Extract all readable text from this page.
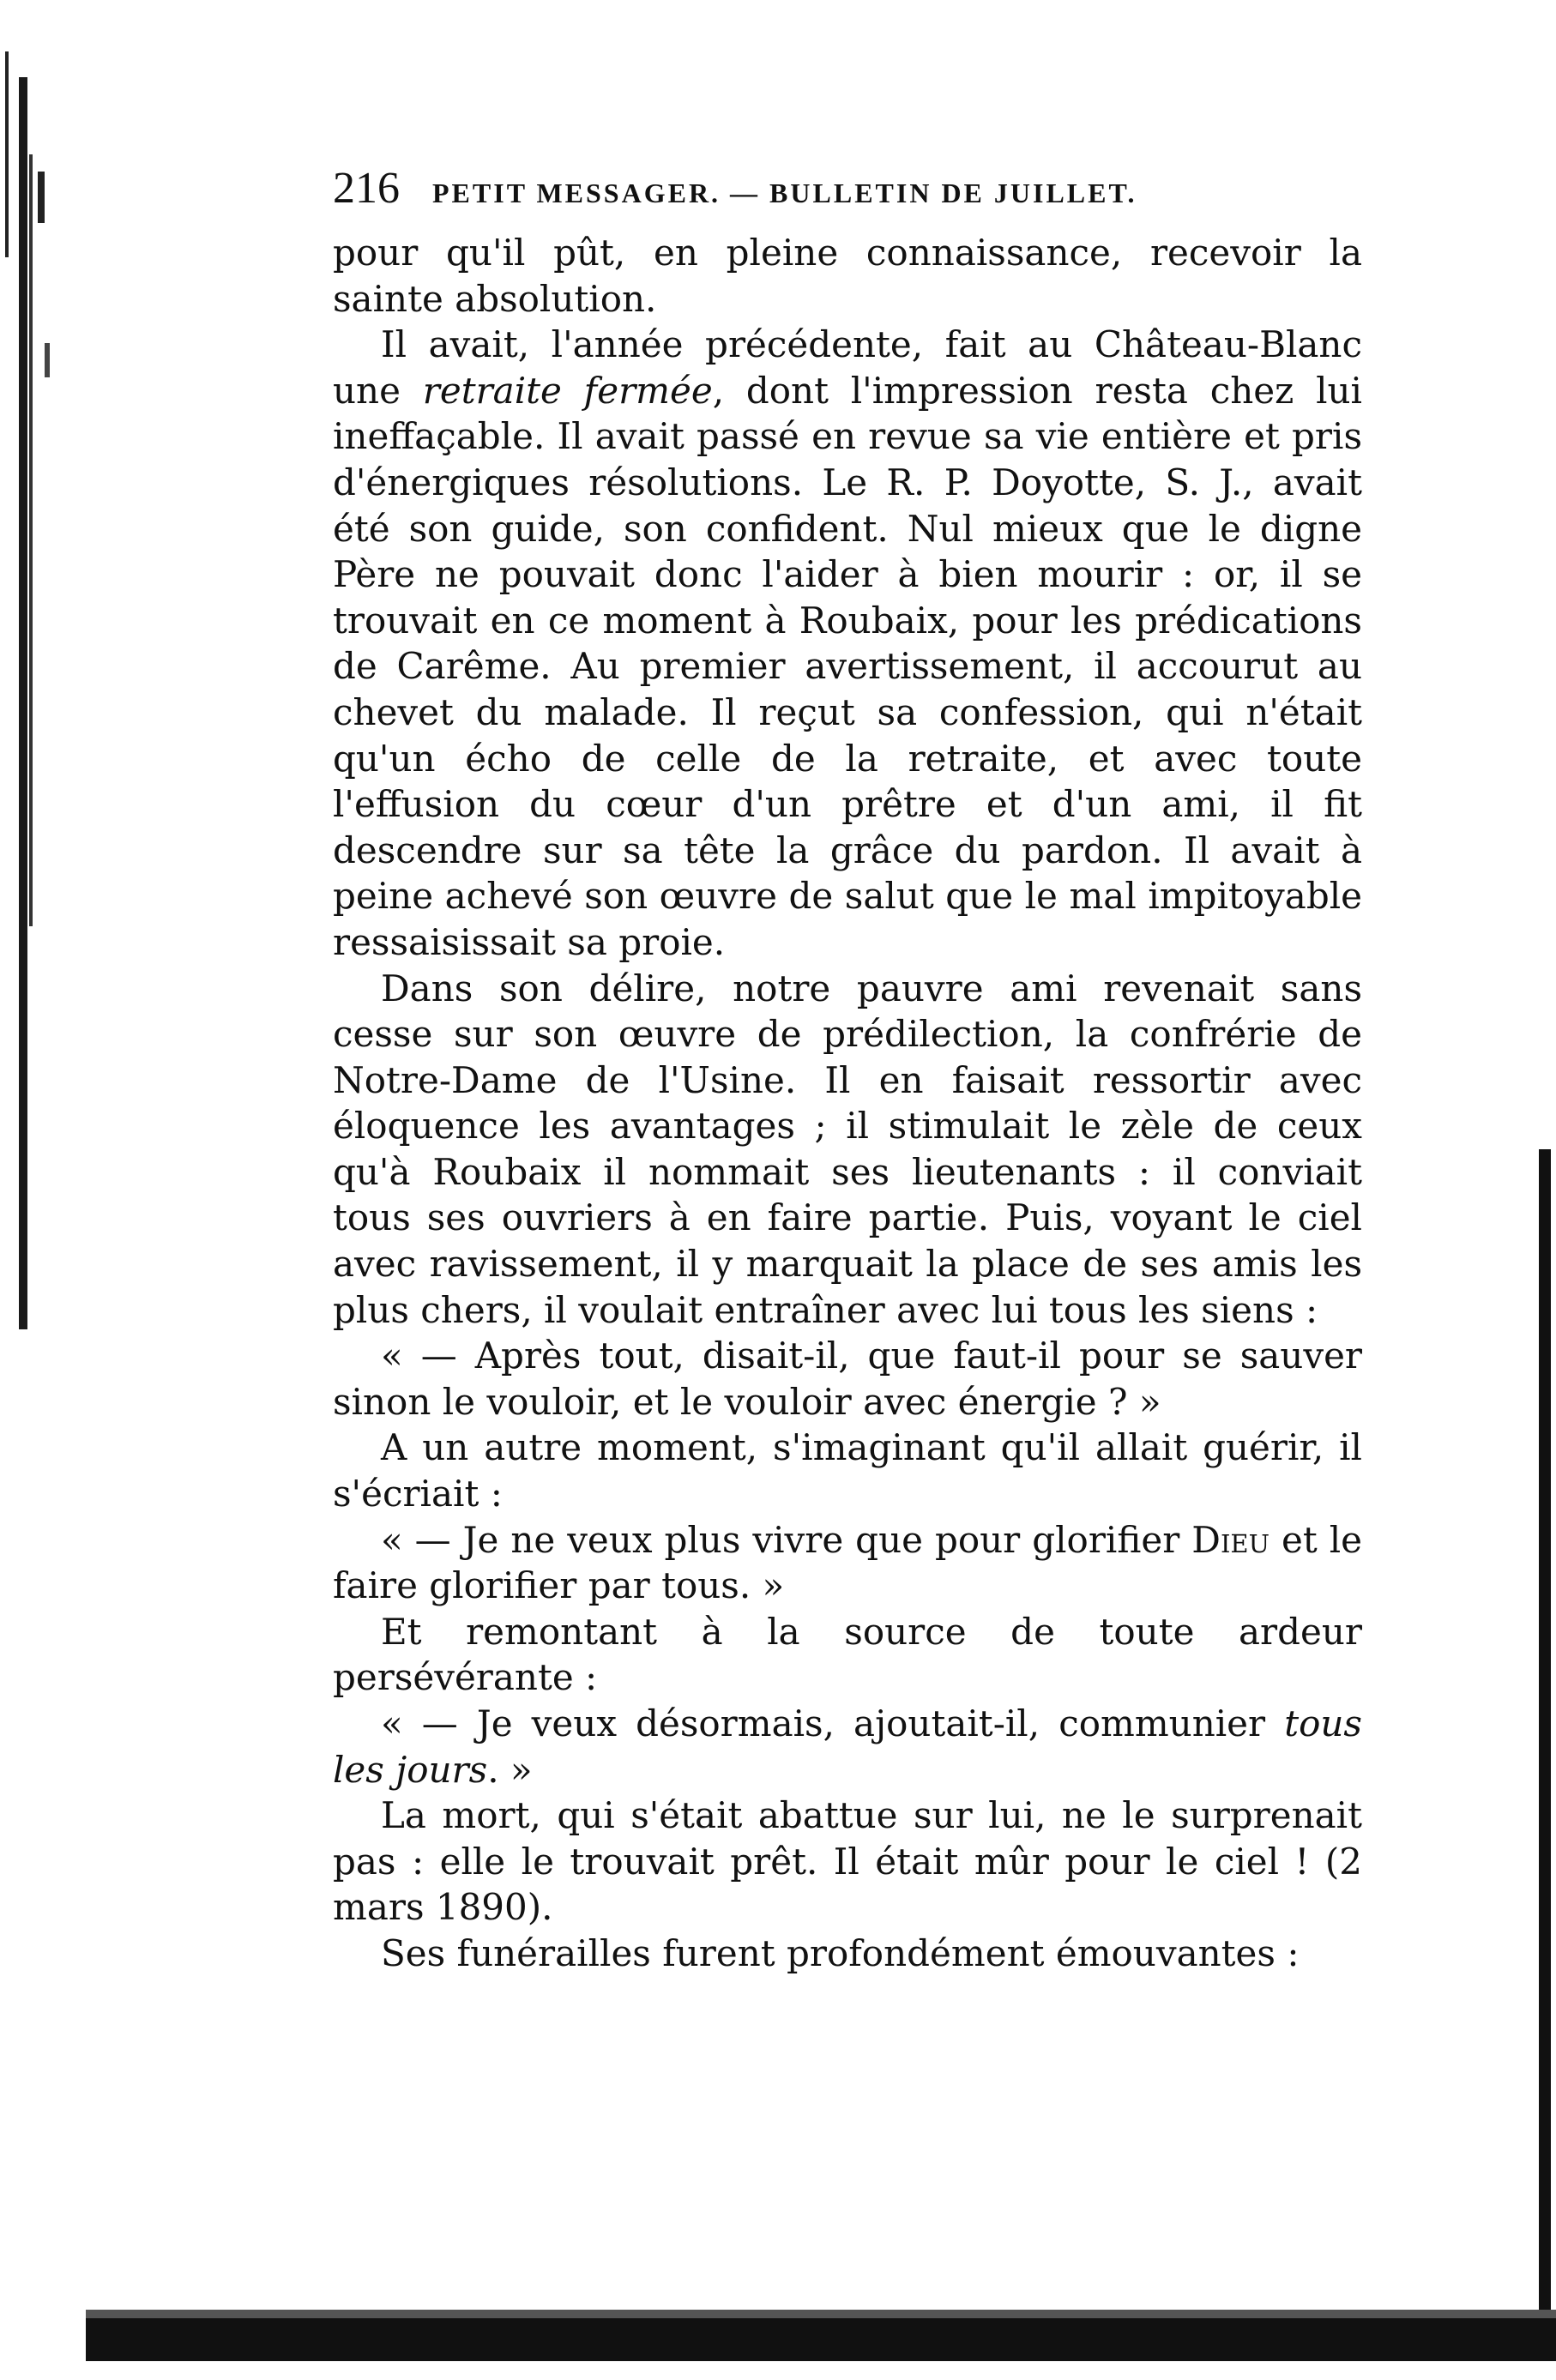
216 PETIT MESSAGER. — BULLETIN DE JUILLET.

pour qu'il pût, en pleine connaissance, recevoir la sainte absolution.

Il avait, l'année précédente, fait au Château-Blanc une retraite fermée, dont l'impression resta chez lui ineffaçable. Il avait passé en revue sa vie entière et pris d'énergiques résolutions. Le R. P. Doyotte, S. J., avait été son guide, son confident. Nul mieux que le digne Père ne pouvait donc l'aider à bien mourir : or, il se trouvait en ce moment à Roubaix, pour les prédications de Carême. Au premier avertissement, il accourut au chevet du malade. Il reçut sa confession, qui n'était qu'un écho de celle de la retraite, et avec toute l'effusion du cœur d'un prêtre et d'un ami, il fit descendre sur sa tête la grâce du pardon. Il avait à peine achevé son œuvre de salut que le mal impitoyable ressaisissait sa proie.

Dans son délire, notre pauvre ami revenait sans cesse sur son œuvre de prédilection, la confrérie de Notre-Dame de l'Usine. Il en faisait ressortir avec éloquence les avantages ; il stimulait le zèle de ceux qu'à Roubaix il nommait ses lieutenants : il conviait tous ses ouvriers à en faire partie. Puis, voyant le ciel avec ravissement, il y marquait la place de ses amis les plus chers, il voulait entraîner avec lui tous les siens :

« — Après tout, disait-il, que faut-il pour se sauver sinon le vouloir, et le vouloir avec énergie ? »

A un autre moment, s'imaginant qu'il allait guérir, il s'écriait :

« — Je ne veux plus vivre que pour glorifier Dieu et le faire glorifier par tous. »

Et remontant à la source de toute ardeur persévérante :

« — Je veux désormais, ajoutait-il, communier tous les jours. »

La mort, qui s'était abattue sur lui, ne le surprenait pas : elle le trouvait prêt. Il était mûr pour le ciel ! (2 mars 1890).

Ses funérailles furent profondément émouvantes :
